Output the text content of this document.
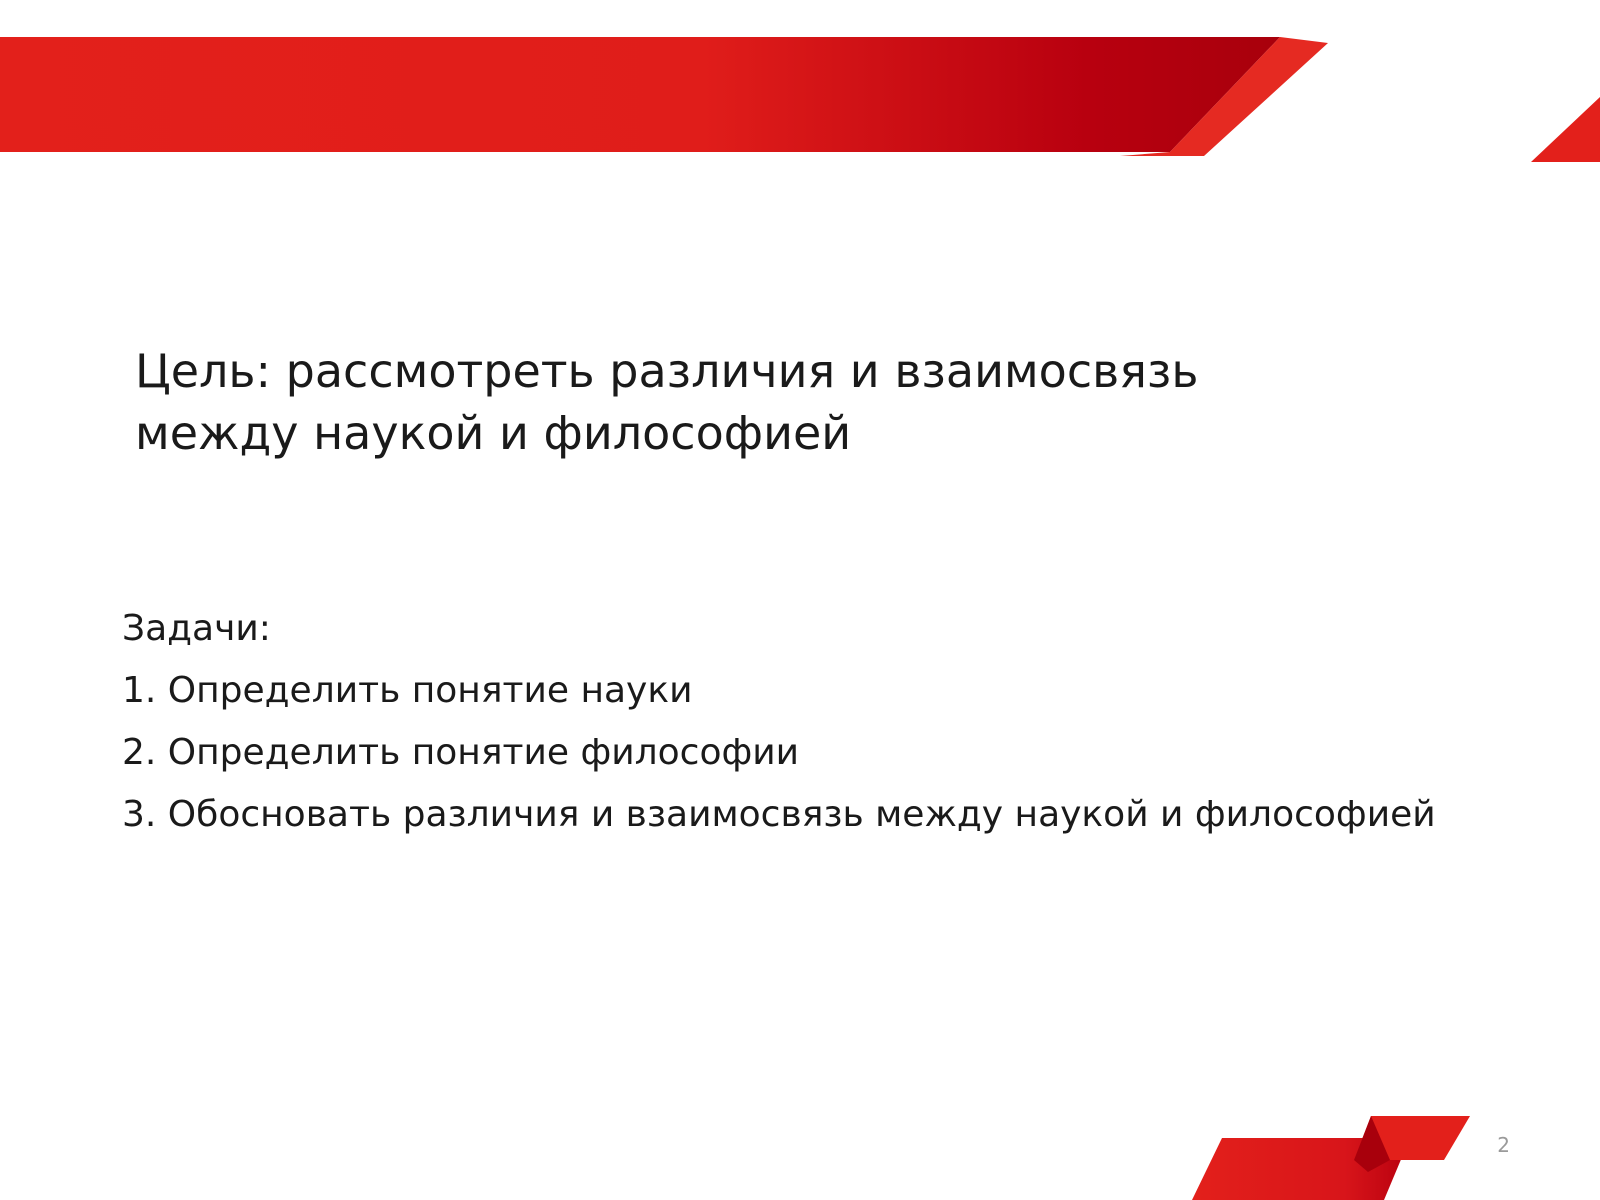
Цель: рассмотреть различия и взаимосвязь между наукой и философией
Задачи:
1. Определить понятие науки
2. Определить понятие философии
3. Обосновать различия и взаимосвязь между наукой и философией
2
